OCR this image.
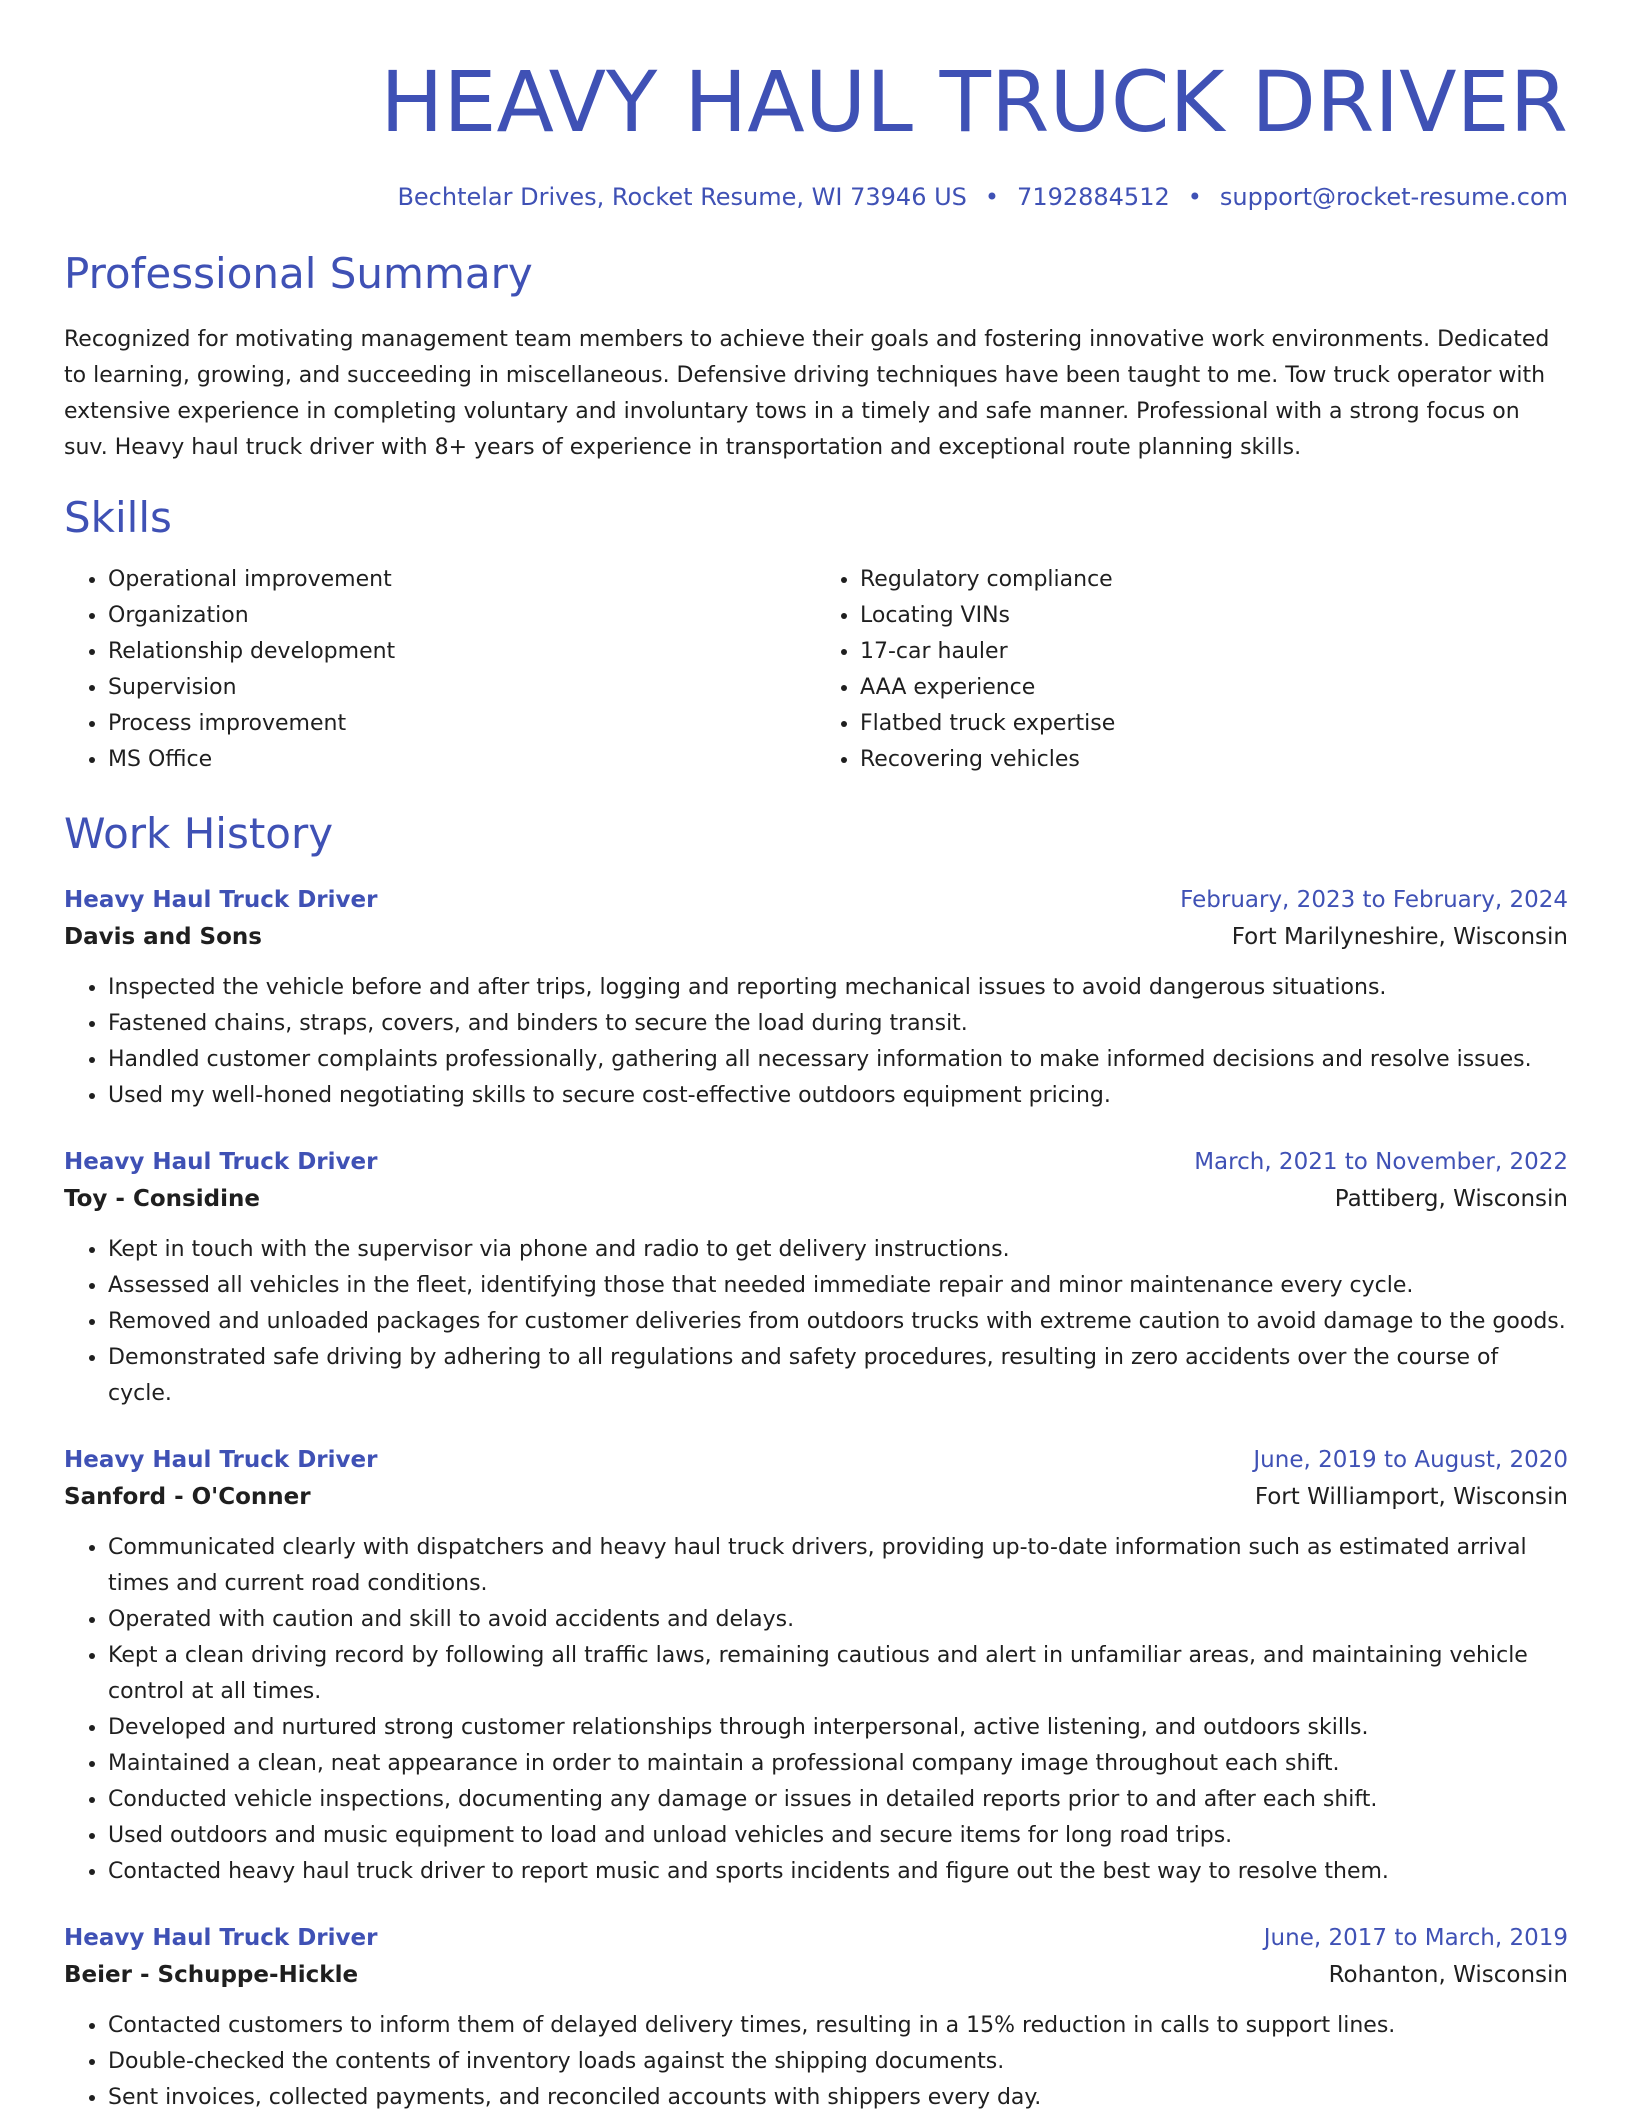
HEAVY HAUL TRUCK DRIVER
Bechtelar Drives, Rocket Resume, WI 73946 US • 7192884512 • support@rocket-resume.com
Professional Summary

Recognized for motivating management team members to achieve their goals and fostering innovative work environments. Dedicated to learning, growing, and succeeding in miscellaneous. Defensive driving techniques have been taught to me. Tow truck operator with extensive experience in completing voluntary and involuntary tows in a timely and safe manner. Professional with a strong focus on suv. Heavy haul truck driver with 8+ years of experience in transportation and exceptional route planning skills.

Skills
• Operational improvement
• Organization
• Relationship development
• Supervision
• Process improvement
• MS Office
• Regulatory compliance
• Locating VINs
• 17-car hauler
• AAA experience
• Flatbed truck expertise
• Recovering vehicles
Work History
Heavy Haul Truck Driver	February, 2023 to February, 2024
Davis and Sons	Fort Marilyneshire, Wisconsin
• Inspected the vehicle before and after trips, logging and reporting mechanical issues to avoid dangerous situations.
• Fastened chains, straps, covers, and binders to secure the load during transit.
• Handled customer complaints professionally, gathering all necessary information to make informed decisions and resolve issues.
• Used my well-honed negotiating skills to secure cost-effective outdoors equipment pricing.
Heavy Haul Truck Driver	March, 2021 to November, 2022
Toy - Considine	Pattiberg, Wisconsin
• Kept in touch with the supervisor via phone and radio to get delivery instructions.
• Assessed all vehicles in the fleet, identifying those that needed immediate repair and minor maintenance every cycle.
• Removed and unloaded packages for customer deliveries from outdoors trucks with extreme caution to avoid damage to the goods.
• Demonstrated safe driving by adhering to all regulations and safety procedures, resulting in zero accidents over the course of cycle.
Heavy Haul Truck Driver	June, 2019 to August, 2020
Sanford - O'Conner	Fort Williamport, Wisconsin
• Communicated clearly with dispatchers and heavy haul truck drivers, providing up-to-date information such as estimated arrival times and current road conditions.
• Operated with caution and skill to avoid accidents and delays.
• Kept a clean driving record by following all traffic laws, remaining cautious and alert in unfamiliar areas, and maintaining vehicle control at all times.
• Developed and nurtured strong customer relationships through interpersonal, active listening, and outdoors skills.
• Maintained a clean, neat appearance in order to maintain a professional company image throughout each shift.
• Conducted vehicle inspections, documenting any damage or issues in detailed reports prior to and after each shift.
• Used outdoors and music equipment to load and unload vehicles and secure items for long road trips.
• Contacted heavy haul truck driver to report music and sports incidents and figure out the best way to resolve them.
Heavy Haul Truck Driver	June, 2017 to March, 2019
Beier - Schuppe-Hickle	Rohanton, Wisconsin
• Contacted customers to inform them of delayed delivery times, resulting in a 15% reduction in calls to support lines.
• Double-checked the contents of inventory loads against the shipping documents.
• Sent invoices, collected payments, and reconciled accounts with shippers every day.
